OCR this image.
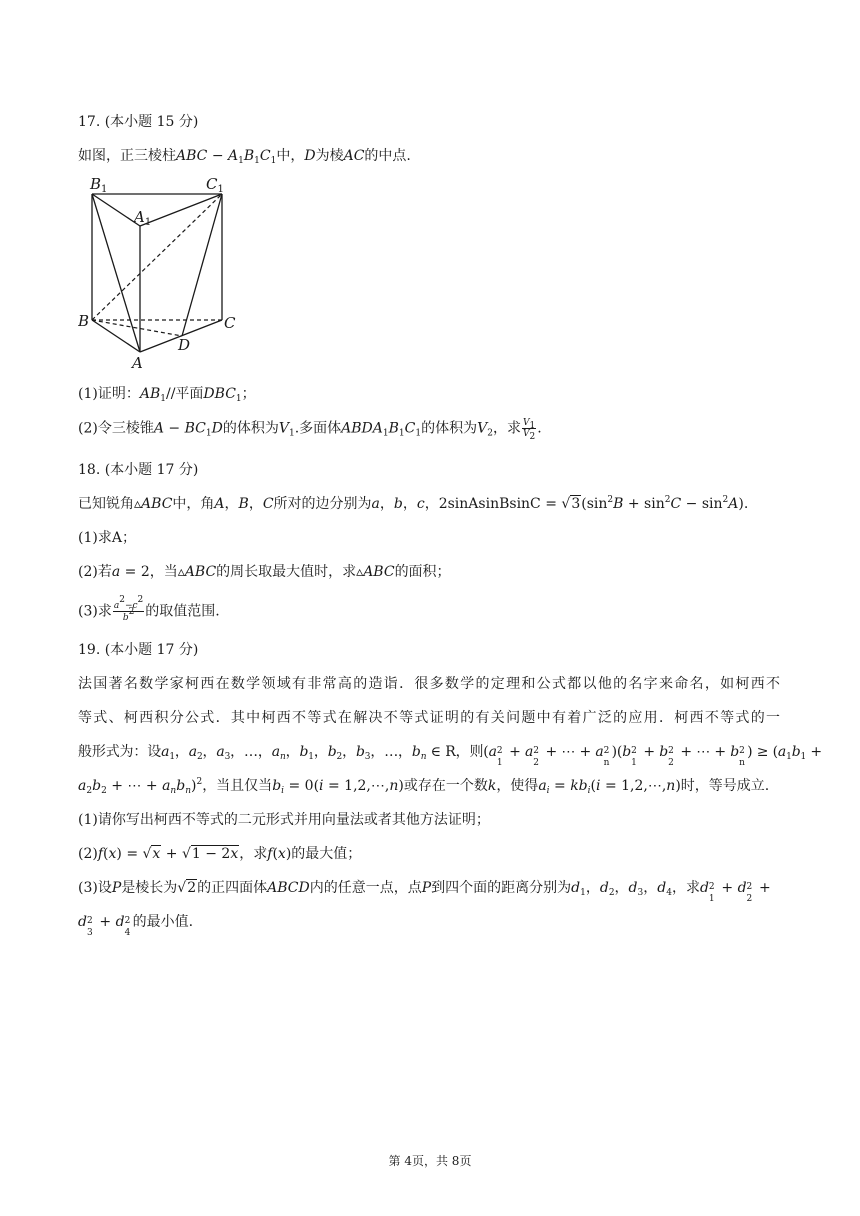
17. (本小题 15 分)
如图，正三棱柱ABC − $A_1B_1C_1$中，D为棱AC的中点.
$B_1$	$C_1$
$A_1$
B	C
A
D
(1)证明：$AB_1//$平面$DBC_1$；
(2)令三棱锥$A - BC_1D$的体积为$V_1$.多面体$ABDA_1B_1C_1$的体积为$V_2$，求 $\frac{V_1}{V_2}$ .
18. (本小题 17 分)
已知锐角▵ABC中，角A，B，C所对的边分别为a，b，c，2sinAsinBsinC = $√3(\sin^2B + \sin^2C - \sin^2A)$.
(1)求A；
(2)若a = 2，当▵ABC的周长取最大值时，求▵ABC的面积；
(3)求 $\frac{a^2-c^2}{b^2}$ 的取值范围.
19. (本小题 17 分)
法国著名数学家柯西在数学领域有非常高的造诣．很多数学的定理和公式都以他的名字来命名，如柯西不
等式、柯西积分公式．其中柯西不等式在解决不等式证明的有关问题中有着广泛的应用．柯西不等式的一
般形式为：设$a_1$，$a_2$，$a_3$，…，$a_n$，$b_1$，$b_2$，$b_3$，…，$b_n$ ∈ R，则(a 2
1
+ a 2
2
+ ⋯ + a 2
n
)(b 2
1
+ b 2
2
+ ⋯ + b 2
n
) ≥ ($a_1b_1$ +
$a_2b_2$ + ⋯ + $a_nb_n)^2$，当且仅当$b_i = 0(i$ = 1,2,⋯,n)或存在一个数k，使得$a_i = kb_i(i$ = 1,2,⋯,n)时，等号成立.
(1)请你写出柯西不等式的二元形式并用向量法或者其他方法证明；
(2)f(x) = √x + √1 − 2x，求f(x)的最大值；
(3)设P是棱长为√2的正四面体ABCD内的任意一点，点P到四个面的距离分别为$d_1$，$d_2$，$d_3$，$d_4$，求d 2
1
+ d 2
2
+
d 2
3
+ d 2
4
的最小值.
第 4页，共 8页
